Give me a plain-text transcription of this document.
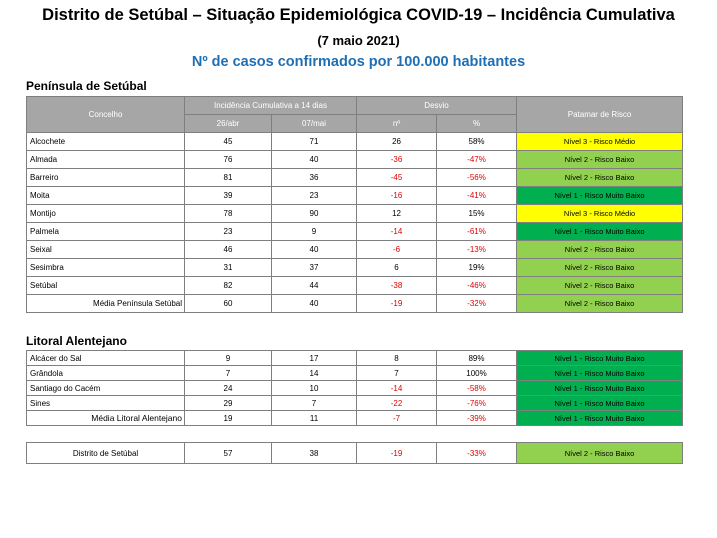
Distrito de Setúbal – Situação Epidemiológica COVID-19 – Incidência Cumulativa
(7 maio 2021)
Nº de casos confirmados por 100.000 habitantes
Península de Setúbal
Concelho	Incidência Cumulativa a 14 dias		Desvio		Patamar de Risco
	26/abr	07/mai	nº	%	
Alcochete	45	71	26	58%	Nível 3 - Risco Médio
Almada	76	40	-36	-47%	Nível 2 - Risco Baixo
Barreiro	81	36	-45	-56%	Nível 2 - Risco Baixo
Moita	39	23	-16	-41%	Nível 1 - Risco Muito Baixo
Montijo	78	90	12	15%	Nível 3 - Risco Médio
Palmela	23	9	-14	-61%	Nível 1 - Risco Muito Baixo
Seixal	46	40	-6	-13%	Nível 2 - Risco Baixo
Sesimbra	31	37	6	19%	Nível 2 - Risco Baixo
Setúbal	82	44	-38	-46%	Nível 2 - Risco Baixo
Média Península Setúbal	60	40	-19	-32%	Nível 2 - Risco Baixo
Litoral Alentejano
Alcácer do Sal	9	17	8	89%	Nível 1 - Risco Muito Baixo
Grândola	7	14	7	100%	Nível 1 - Risco Muito Baixo
Santiago do Cacém	24	10	-14	-58%	Nível 1 - Risco Muito Baixo
Sines	29	7	-22	-76%	Nível 1 - Risco Muito Baixo
Média Litoral Alentejano	19	11	-7	-39%	Nível 1 - Risco Muito Baixo
Distrito de Setúbal	57	38	-19	-33%	Nível 2 - Risco Baixo
